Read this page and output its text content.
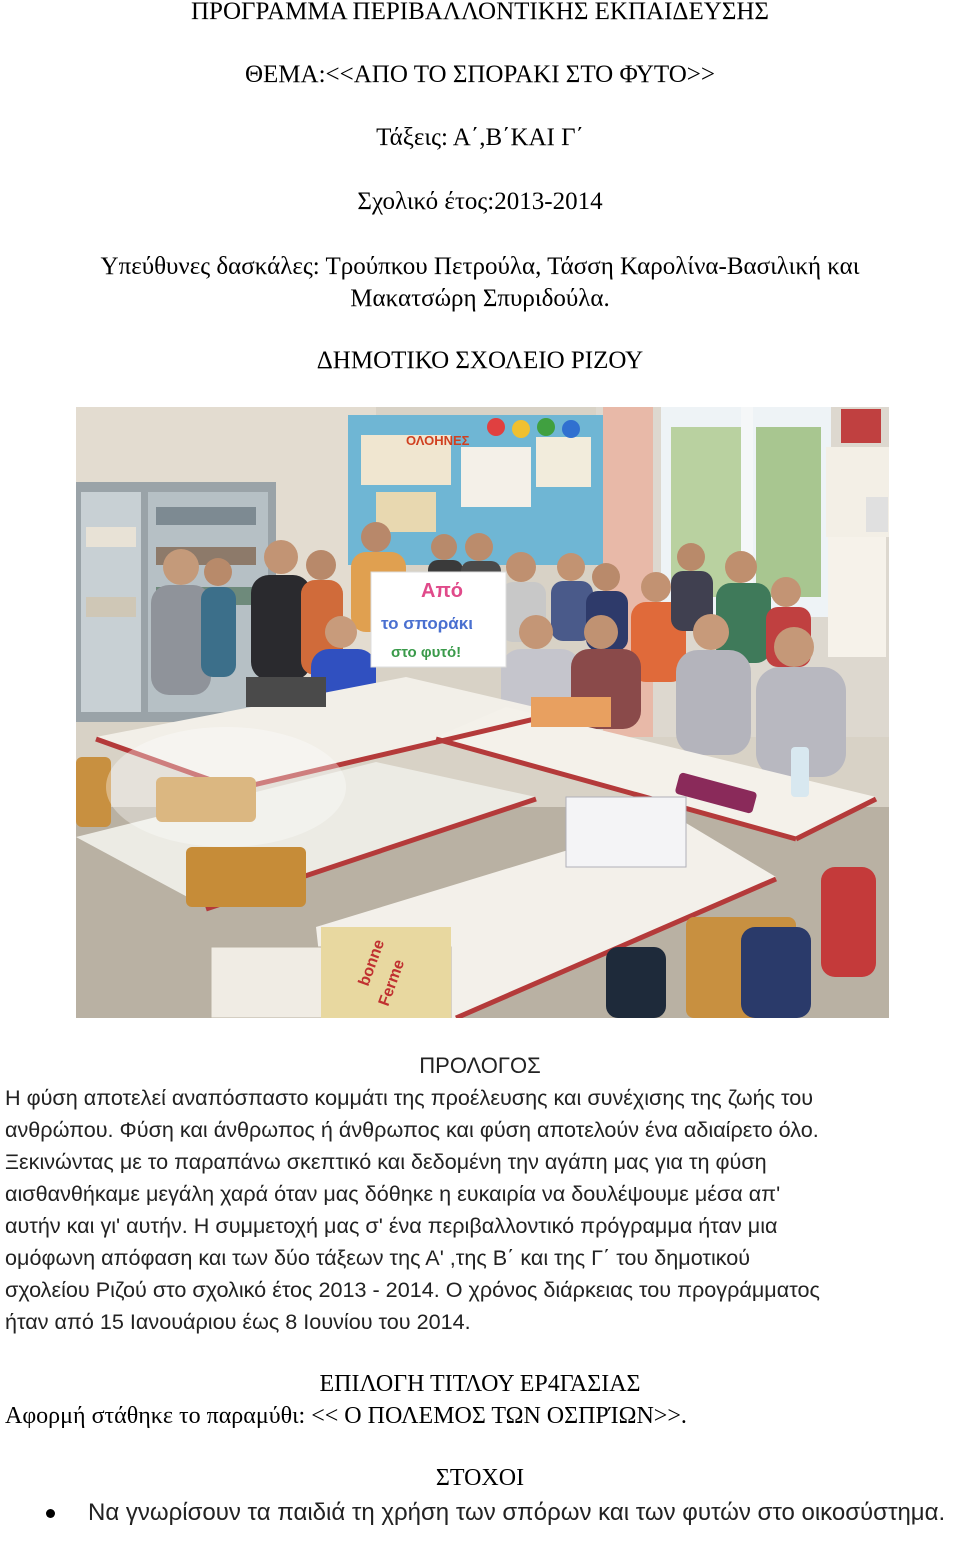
ΠΡΟΓΡΑΜΜΑ ΠΕΡΙΒΑΛΛΟΝΤΙΚΗΣ ΕΚΠΑΙΔΕΥΣΗΣ
ΘΕΜΑ:<<ΑΠΟ ΤΟ ΣΠΟΡΑΚΙ ΣΤΟ ΦΥΤΟ>>
Τάξεις: Α΄,Β΄ΚΑΙ Γ΄
Σχολικό έτος:2013-2014
Υπεύθυνες δασκάλες: Τρούπκου Πετρούλα, Τάσση Καρολίνα-Βασιλική και
Μακατσώρη Σπυριδούλα.
ΔΗΜΟΤΙΚΟ ΣΧΟΛΕΙΟ ΡΙΖΟΥ
ΟΛΟΗΝΕΣ
Από
το σποράκι
στο φυτό!
bonne
Ferme
ΠΡΟΛΟΓΟΣ
Η φύση αποτελεί αναπόσπαστο κομμάτι της προέλευσης και συνέχισης της ζωής του
ανθρώπου. Φύση και άνθρωπος ή άνθρωπος και φύση αποτελούν ένα αδιαίρετο όλο.
Ξεκινώντας με το παραπάνω σκεπτικό και δεδομένη την αγάπη μας για τη φύση
αισθανθήκαμε μεγάλη χαρά όταν μας δόθηκε η ευκαιρία να δουλέψουμε μέσα απ'
αυτήν και γι' αυτήν. Η συμμετοχή μας σ' ένα περιβαλλοντικό πρόγραμμα ήταν μια
ομόφωνη απόφαση και των δύο τάξεων της Α' ,της Β΄ και της Γ΄ του δημοτικού
σχολείου Ριζού στο σχολικό έτος 2013 - 2014. Ο χρόνος διάρκειας του προγράμματος
ήταν από 15 Ιανουάριου έως 8 Ιουνίου του 2014.
ΕΠΙΛΟΓΗ ΤΙΤΛΟΥ ΕΡ4ΓΑΣΙΑΣ
Αφορμή στάθηκε το παραμύθι: << Ο ΠΟΛΕΜΟΣ ΤΩΝ ΟΣΠΡΊΩΝ>>.
ΣΤΟΧΟΙ
Να γνωρίσουν τα παιδιά τη χρήση των σπόρων και των φυτών στο οικοσύστημα.
